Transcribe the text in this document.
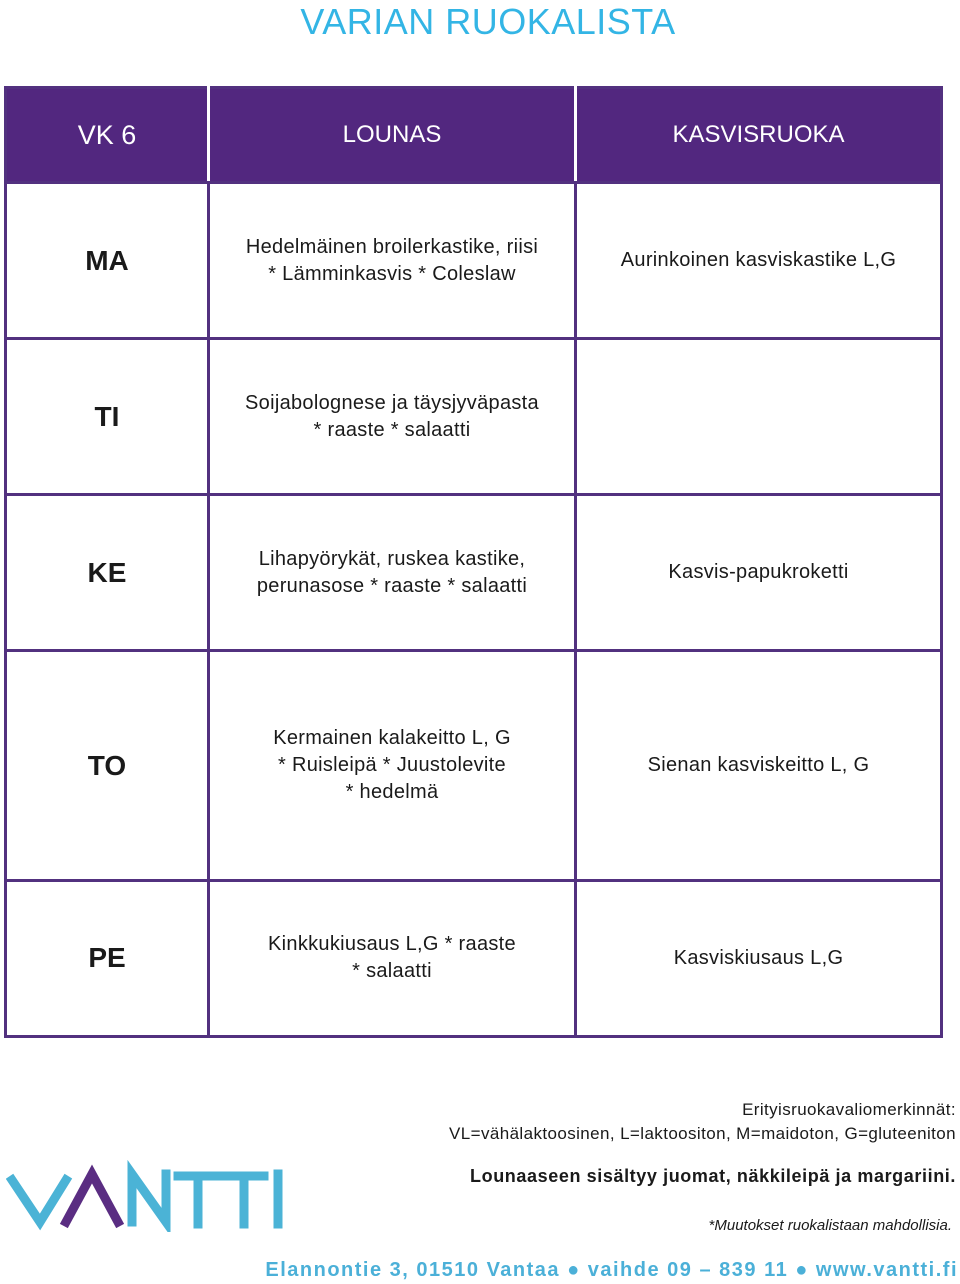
VARIAN RUOKALISTA
VK 6	LOUNAS	KASVISRUOKA
MA	Hedelmäinen broilerkastike, riisi
* Lämminkasvis * Coleslaw	Aurinkoinen kasviskastike L,G
TI	Soijabolognese ja täysjyväpasta
* raaste * salaatti	
KE	Lihapyörykät, ruskea kastike,
perunasose * raaste * salaatti	Kasvis-papukroketti
TO	Kermainen kalakeitto L, G
* Ruisleipä * Juustolevite
* hedelmä	Sienan kasviskeitto L, G
PE	Kinkkukiusaus L,G * raaste
* salaatti	Kasviskiusaus L,G
Erityisruokavaliomerkinnät:
VL=vähälaktoosinen, L=laktoositon, M=maidoton, G=gluteeniton
Lounaaseen sisältyy juomat, näkkileipä ja margariini.
*Muutokset ruokalistaan mahdollisia.
Elannontie 3, 01510 Vantaa ● vaihde 09 – 839 11 ● www.vantti.fi
